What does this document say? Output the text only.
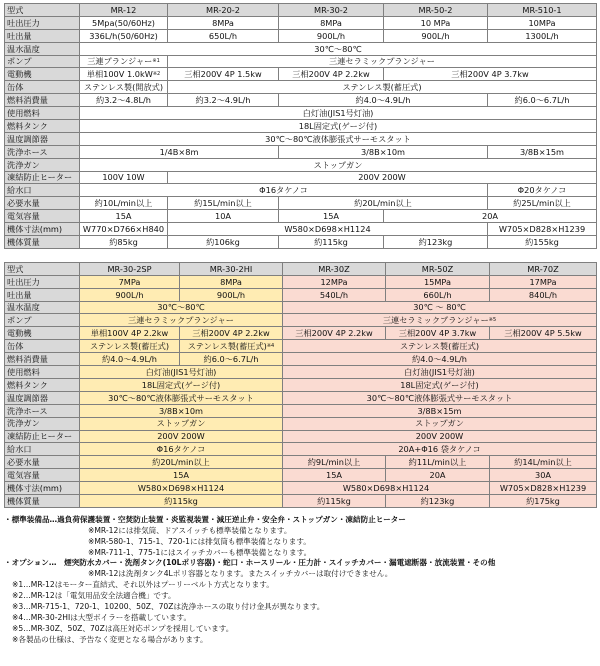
型式	MR-12	MR-20-2	MR-30-2	MR-50-2	MR-510-1
吐出圧力	5Mpa(50/60Hz)	8MPa	8MPa	10 MPa	10MPa
吐出量	336L/h(50/60Hz)	650L/h	900L/h	900L/h	1300L/h
温水温度	30℃〜80℃				
ポンプ	三連プランジャー$^{※1}$	三連セラミックプランジャー			
電動機	単相100V $1.0kW^{※2}$	三相200V 4P 1.5kw	三相200V 4P 2.2kw	三相200V 4P 3.7kw	
缶体	ステンレス製(開放式)	ステンレス製(蓄圧式)			
燃料消費量	約3.2〜4.8L/h	約3.2〜4.9L/h	約4.0〜4.9L/h		約6.0〜6.7L/h
使用燃料	白灯油(JIS1号灯油)				
燃料タンク	18L固定式(ゲージ付)				
温度調節器	30℃〜80℃液体膨張式サーモスタット				
洗浄ホース	1/4B×8m		3/8B×10m		3/8B×15m
洗浄ガン	ストップガン				
凍結防止ヒーター	100V 10W	200V 200W			
給水口	Φ16タケノコ				Φ20タケノコ
必要水量	約10L/min以上	約15L/min以上	約20L/min以上		約25L/min以上
電気容量	15A	10A	15A	20A	
機体寸法(mm)	W770×D766×H840	W580×D698×H1124			W705×D828×H1239
機体質量	約85kg	約106kg	約115kg	約123kg	約155kg
型式	MR-30-2SP	MR-30-2HI	MR-30Z	MR-50Z	MR-70Z
吐出圧力	7MPa	8MPa	12MPa	15MPa	17MPa
吐出量	900L/h	900L/h	540L/h	660L/h	840L/h
温水温度	30℃〜80℃		30℃ 〜 80℃		
ポンプ	三連セラミックプランジャー		三連セラミックプランジャー$^{※5}$
電動機	単相100V 4P 2.2kw	三相200V 4P 2.2kw	三相200V 4P 2.2kw	三相200V 4P 3.7kw	三相200V 4P 5.5kw
缶体	ステンレス製(蓄圧式)	ステンレス製(蓄圧式)$^{※4}$	ステンレス製(蓄圧式)		
燃料消費量	約4.0〜4.9L/h	約6.0〜6.7L/h	約4.0〜4.9L/h		
使用燃料	白灯油(JIS1号灯油)		白灯油(JIS1号灯油)		
燃料タンク	18L固定式(ゲージ付)		18L固定式(ゲージ付)		
温度調節器	30℃〜80℃液体膨張式サーモスタット		30℃〜80℃液体膨張式サーモスタット		
洗浄ホース	3/8B×10m		3/8B×15m		
洗浄ガン	ストップガン		ストップガン		
凍結防止ヒーター	200V 200W		200V 200W		
給水口	Φ16タケノコ		20A+Φ16 袋タケノコ		
必要水量	約20L/min以上		約9L/min以上	約11L/min以上	約14L/min以上
電気容量	15A		15A	20A	30A
機体寸法(mm)	W580×D698×H1124		W580×D698×H1124		W705×D828×H1239
機体質量	約115kg		約115kg	約123kg	約175kg
・標準装備品…過負荷保護装置・空焚防止装置・炎監視装置・減圧逆止弁・安全弁・ストップガン・凍結防止ヒーター
※MR-12には排気筒、ドアスイッチも標準装備となります。
※MR-580-1、715-1、720-1には排気筒も標準装備となります。
※MR-711-1、775-1にはスイッチカバーも標準装備となります。
・オプション…　煙突防水カバー・洗剤タンク(10Lポリ容器)・蛇口・ホースリール・圧力計・スイッチカバー・漏電遮断器・放流装置・その他
※MR-12は洗剤タンク4Lポリ容器となります。またスイッチカバーは取付けできません。
※1…MR-12はモーター直結式、それ以外はプーリーベルト方式となります。
※2…MR-12は「電気用品安全法適合機」です。
※3…MR-715-1、720-1、10200、50Z、70Zは洗浄ホースの取り付け金具が異なります。
※4…MR-30-2HIは大型ボイラーを搭載しています。
※5…MR-30Z、50Z、70Zは高圧対応ポンプを採用しています。
※各製品の仕様は、予告なく変更となる場合があります。
